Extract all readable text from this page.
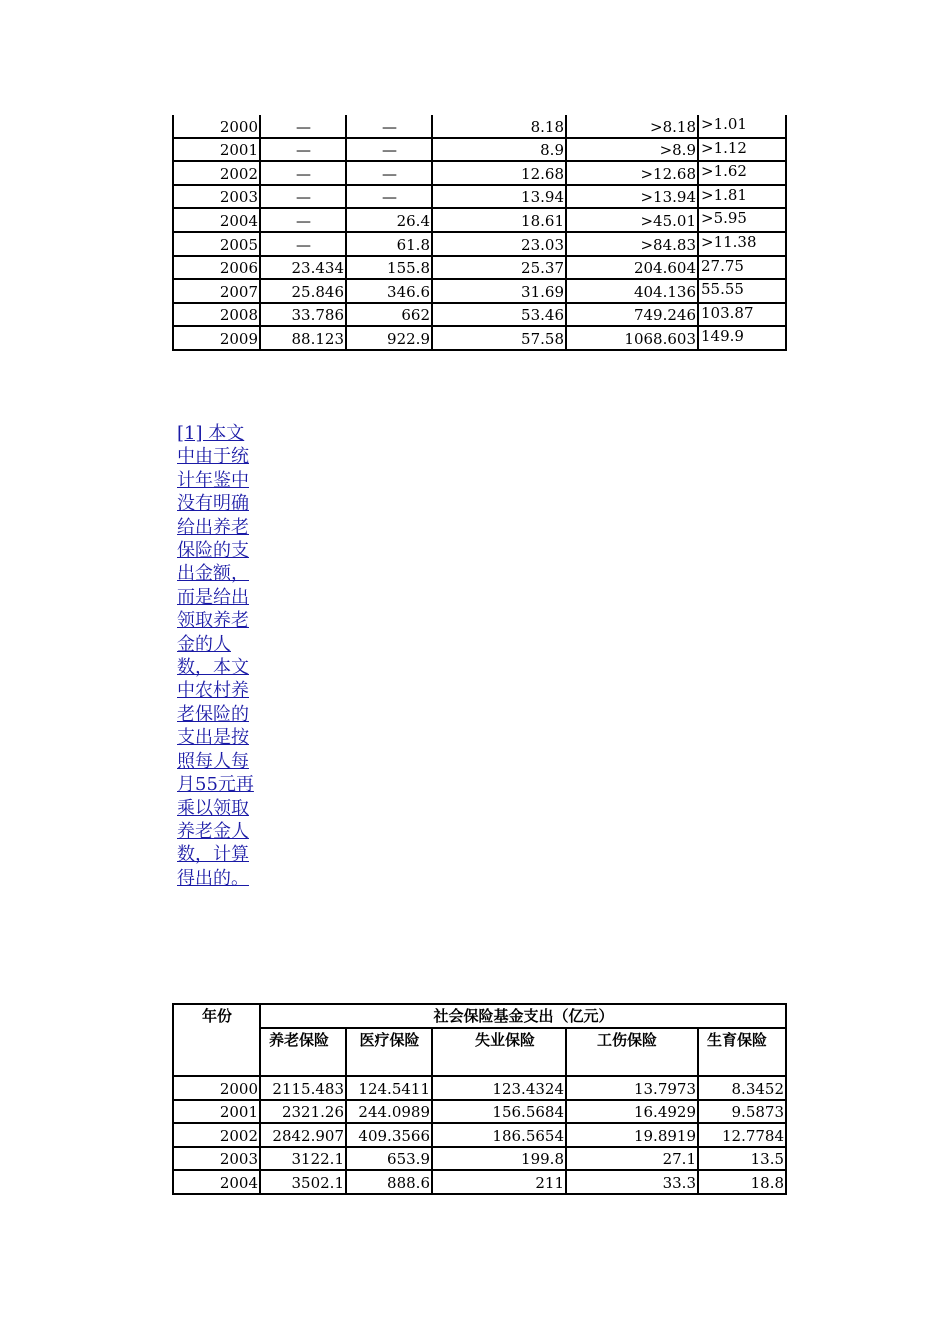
2000	—	—	8.18	>8.18	>1.01
2001	—	—	8.9	>8.9	>1.12
2002	—	—	12.68	>12.68	>1.62
2003	—	—	13.94	>13.94	>1.81
2004	—	26.4	18.61	>45.01	>5.95
2005	—	61.8	23.03	>84.83	>11.38
2006	23.434	155.8	25.37	204.604	27.75
2007	25.846	346.6	31.69	404.136	55.55
2008	33.786	662	53.46	749.246	103.87
2009	88.123	922.9	57.58	1068.603	149.9
[1] 本文中由于统计年鉴中没有明确给出养老保险的支出金额，而是给出领取养老金的人数，本文中农村养老保险的支出是按照每人每月55元再乘以领取养老金人数，计算得出的。
年份	社会保险基金支出（亿元）				
	养老保险	医疗保险	失业保险	工伤保险	生育保险
2000	2115.483	124.5411	123.4324	13.7973	8.3452
2001	2321.26	244.0989	156.5684	16.4929	9.5873
2002	2842.907	409.3566	186.5654	19.8919	12.7784
2003	3122.1	653.9	199.8	27.1	13.5
2004	3502.1	888.6	211	33.3	18.8
